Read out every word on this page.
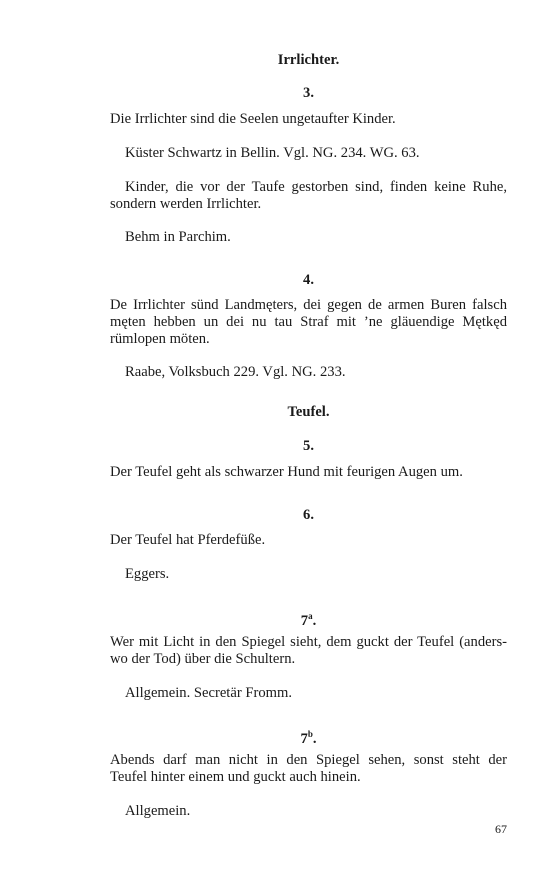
Irrlichter.
3.
Die Irrlichter sind die Seelen ungetaufter Kinder.
Küster Schwartz in Bellin. Vgl. NG. 234. WG. 63.
Kinder, die vor der Taufe gestorben sind, finden keine Ruhe,
sondern werden Irrlichter.
Behm in Parchim.
4.
De Irrlichter sünd Landmęters, dei gegen de armen Buren falsch
męten hebben un dei nu tau Straf mit ’ne gläuendige Mętkęd
rümlopen möten.
Raabe, Volksbuch 229. Vgl. NG. 233.
Teufel.
5.
Der Teufel geht als schwarzer Hund mit feurigen Augen um.
6.
Der Teufel hat Pferdefüße.
Eggers.
7$^a$.
Wer mit Licht in den Spiegel sieht, dem guckt der Teufel (anders-
wo der Tod) über die Schultern.
Allgemein. Secretär Fromm.
7$^b$.
Abends darf man nicht in den Spiegel sehen, sonst steht der
Teufel hinter einem und guckt auch hinein.
Allgemein.
67
